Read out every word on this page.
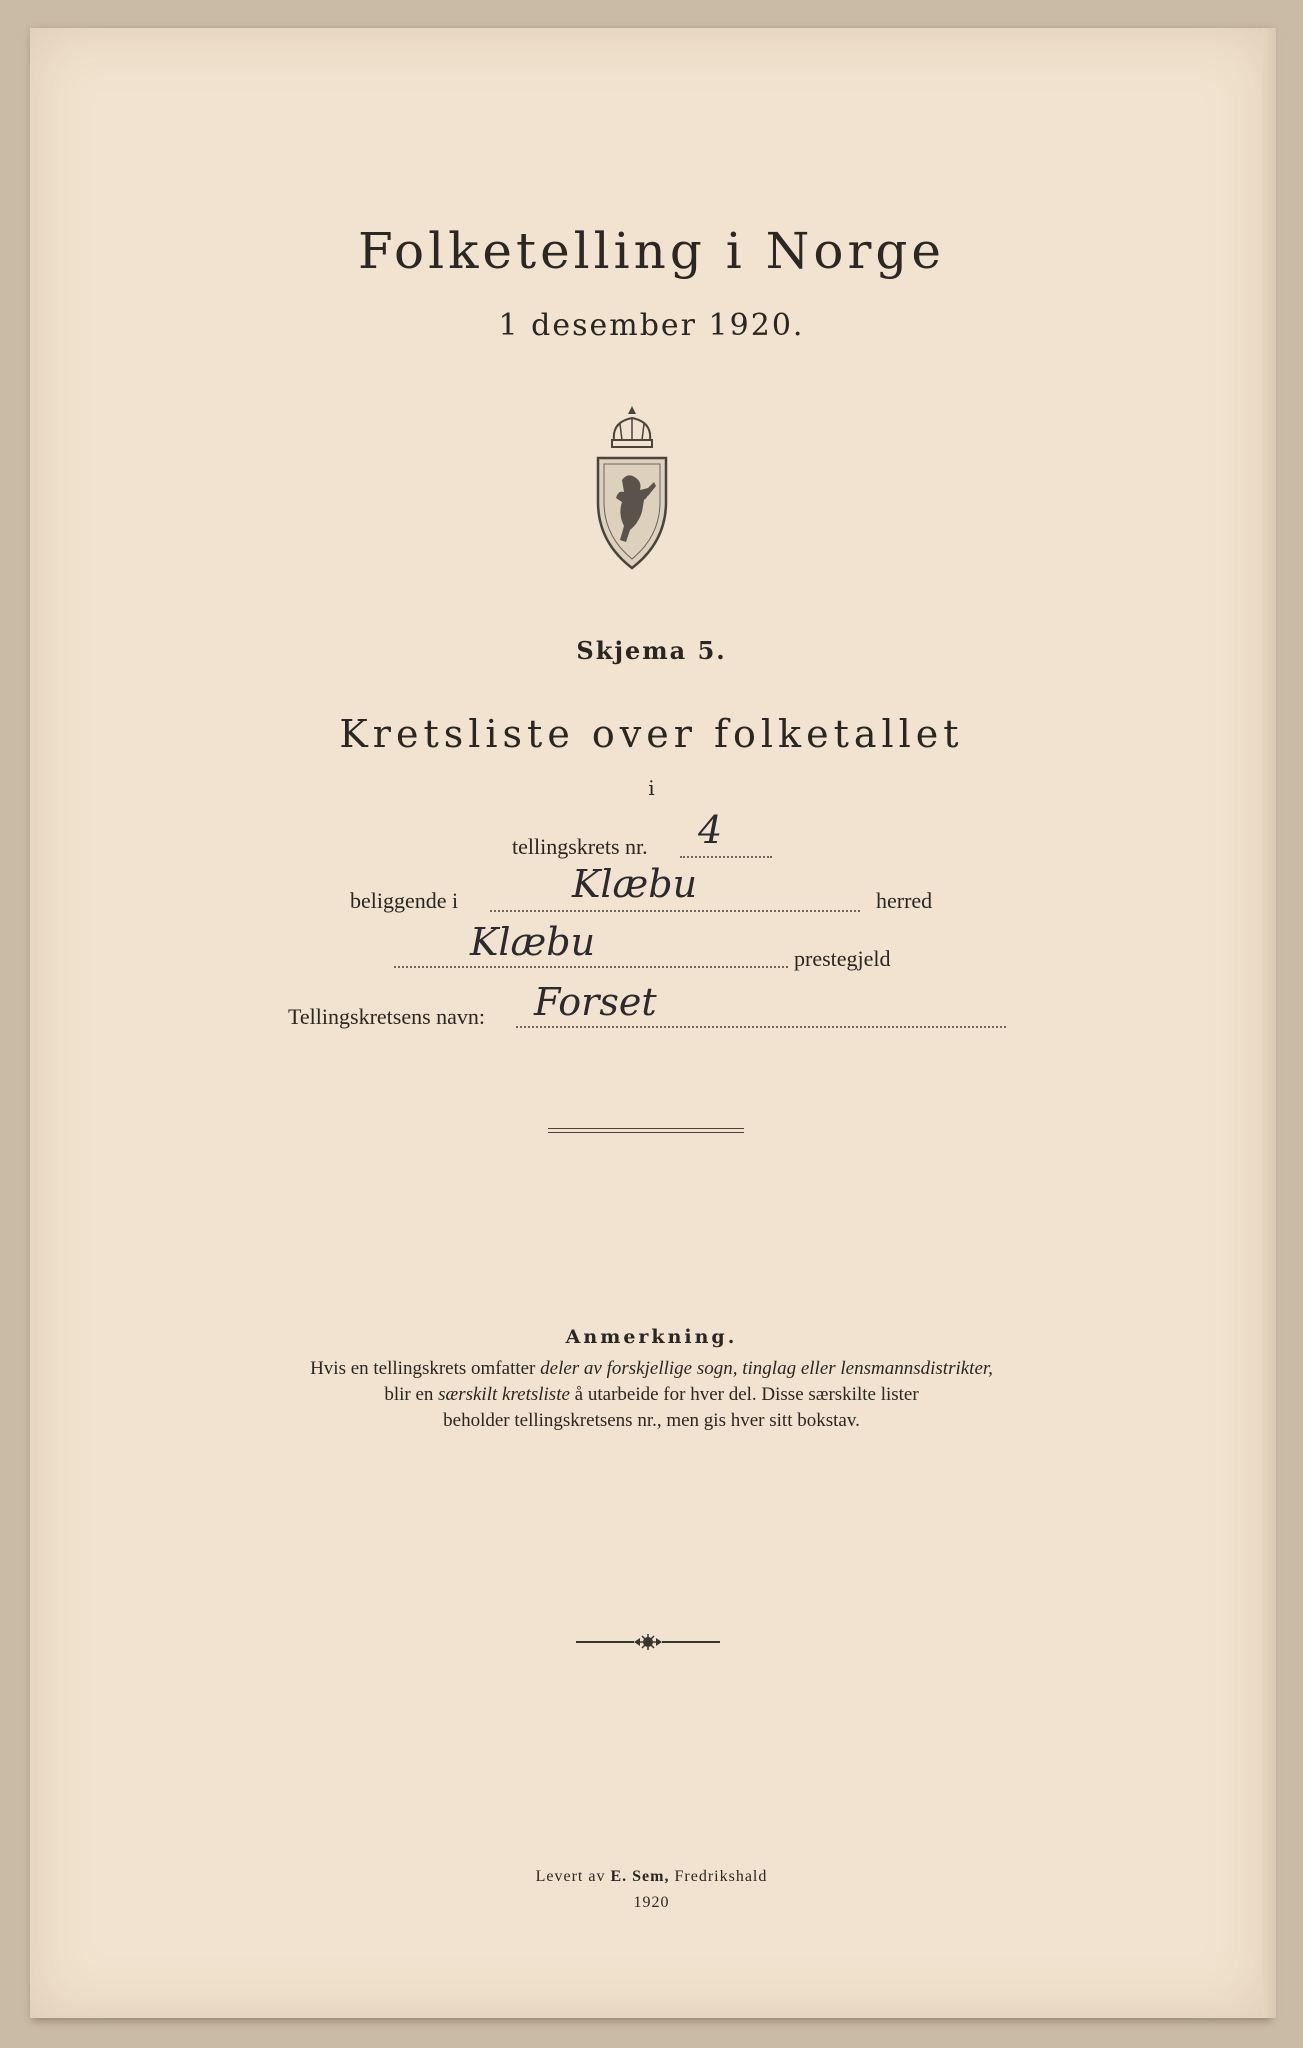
Folketelling i Norge
1 desember 1920.
Skjema 5.
Kretsliste over folketallet
i
tellingskrets nr. 4
beliggende i	Klæbu	herred
Klæbu	prestegjeld
Tellingskretsens navn: Forset
Anmerkning.
Hvis en tellingskrets omfatter deler av forskjellige sogn, tinglag eller lensmannsdistrikter,
blir en særskilt kretsliste å utarbeide for hver del. Disse særskilte lister
beholder tellingskretsens nr., men gis hver sitt bokstav.
Levert av E. Sem, Fredrikshald
1920
